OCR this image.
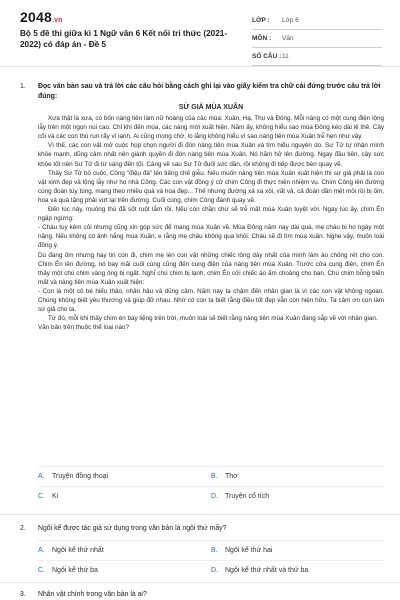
2048.vn
Bộ 5 đề thi giữa kì 1 Ngữ văn 6 Kết nối tri thức (2021-2022) có đáp án - Đề 5
LỚP :	Lớp 6
MÔN :	Văn
SỐ CÂU : 11
1.	Đọc văn bản sau và trả lời các câu hỏi bằng cách ghi lại vào giấy kiểm tra chữ cái đứng trước câu trả lời đúng:
SỨ GIẢ MÙA XUÂN

Xưa thật là xưa, có bốn nàng tiên làm nữ hoàng của các mùa: Xuân, Hạ, Thu và Đông. Mỗi nàng có một cung điện lộng lẫy trên một ngọn núi cao. Chỉ khi đến mùa, các nàng mới xuất hiện. Năm ấy, không hiểu sao mùa Đông kéo dài lê thê. Cây cối và các con thú run rẩy vì lạnh. Ai cũng mong chờ, lo lắng không hiểu vì sao nàng tiên mùa Xuân trễ hẹn như vậy.

Vì thế, các con vật mở cuộc họp chọn người đi đón nàng tiên mùa Xuân và tìm hiểu nguyên do. Sư Tử tự nhận mình khỏe mạnh, dũng cảm nhất nên giành quyền đi đón nàng tiên mùa Xuân. Nó hăm hở lên đường. Ngay đầu tiên, cậy sức khỏe tốt nên Sư Tử đi từ sáng đến tối. Càng về sau Sư Tử đuối sức dần, rồi không đi tiếp được bèn quay về.

Thấy Sư Tử bỏ cuộc, Công "điệu đà" lên tiếng chế giễu. Nếu muốn nàng tiên mùa Xuân xuất hiện thì sứ giả phải là con vật xinh đẹp và lộng lẫy như họ nhà Công. Các con vật đồng ý cử chim Công đi thực hiện nhiệm vụ. Chim Công lên đường cùng đoàn tùy tùng, mang theo nhiều quà và hoa đẹp... Thế nhưng đường xá xa xôi, vất vả, cả đoàn dần mệt mỏi rồi bị ốm, hoa và quà tặng phải vứt lại trên đường. Cuối cùng, chim Công đành quay về.

Đến lúc này, muông thú đã sốt ruột lắm rồi. Nếu còn chần chừ sẽ trễ mất mùa Xuân tuyệt vời. Ngay lúc ấy, chim Én ngập ngừng:

- Cháu tuy kém cỏi nhưng cũng xin góp sức để mang mùa Xuân về. Mùa Đông năm nay dài quá, mẹ cháu bị ho ngày một nặng. Nếu không có ánh nắng mùa Xuân, e rằng mẹ cháu không qua khỏi. Cháu sẽ đi tìm mùa xuân. Nghe vậy, muôn loài đồng ý.

Dù đang ốm nhưng hay tin con đi, chim mẹ lén con vặt những chiếc lông dày nhất của mình làm áo chống rét cho con. Chim Én lên đường, nó bay mãi cuối cùng cũng đến cung điện của nàng tiên mùa Xuân. Trước cửa cung điện, chim Én thấy một chú chim vàng ông bị ngất. Nghĩ chú chim bị lạnh, chim Én cởi chiếc áo ấm choàng cho bạn. Chú chim bỗng biến mất và nàng tiên mùa Xuân xuất hiện:

- Con là một cô bé hiếu thảo, nhân hậu và dũng cảm. Năm nay ta chậm đến nhân gian là vì các con vật không ngoan. Chúng không biết yêu thương và giúp đỡ nhau. Nhờ có con ta biết rằng điều tốt đẹp vẫn còn hiện hữu. Ta cảm ơn con làm sứ giả cho ta.

Từ đó, mỗi khi thấy chim én bay liệng trên trời, muôn loài sẽ biết rằng nàng tiên mùa Xuân đang sắp về với nhân gian.

Văn bản trên thuộc thể loại nào?

A.	Truyện đồng thoại	B.	Thơ
C.	Kí	D.	Truyện cổ tích
2.	Ngôi kể được tác giả sử dụng trong văn bản là ngôi thứ mấy?
A.	Ngôi kể thứ nhất	B.	Ngôi kể thứ hai
C.	Ngôi kể thứ ba	D.	Ngôi kể thứ nhất và thứ ba
3.	Nhân vật chính trong văn bản là ai?
